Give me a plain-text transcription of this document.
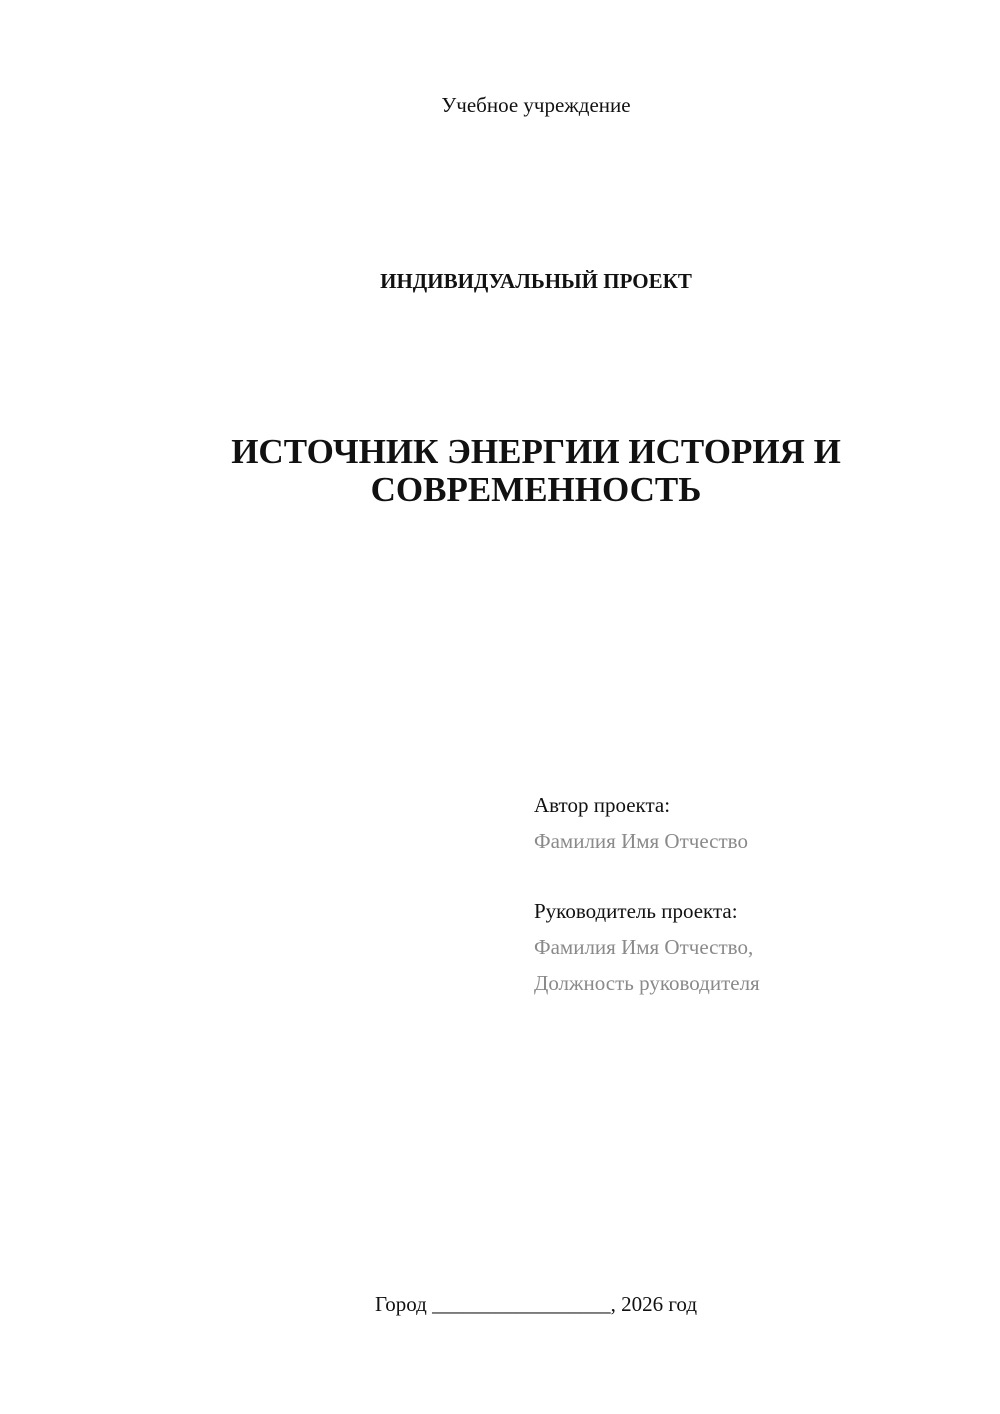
Учебное учреждение
ИНДИВИДУАЛЬНЫЙ ПРОЕКТ
ИСТОЧНИК ЭНЕРГИИ ИСТОРИЯ И
СОВРЕМЕННОСТЬ
Автор проекта:
Фамилия Имя Отчество
Руководитель проекта:
Фамилия Имя Отчество,
Должность руководителя
Город _________________, 2026 год
